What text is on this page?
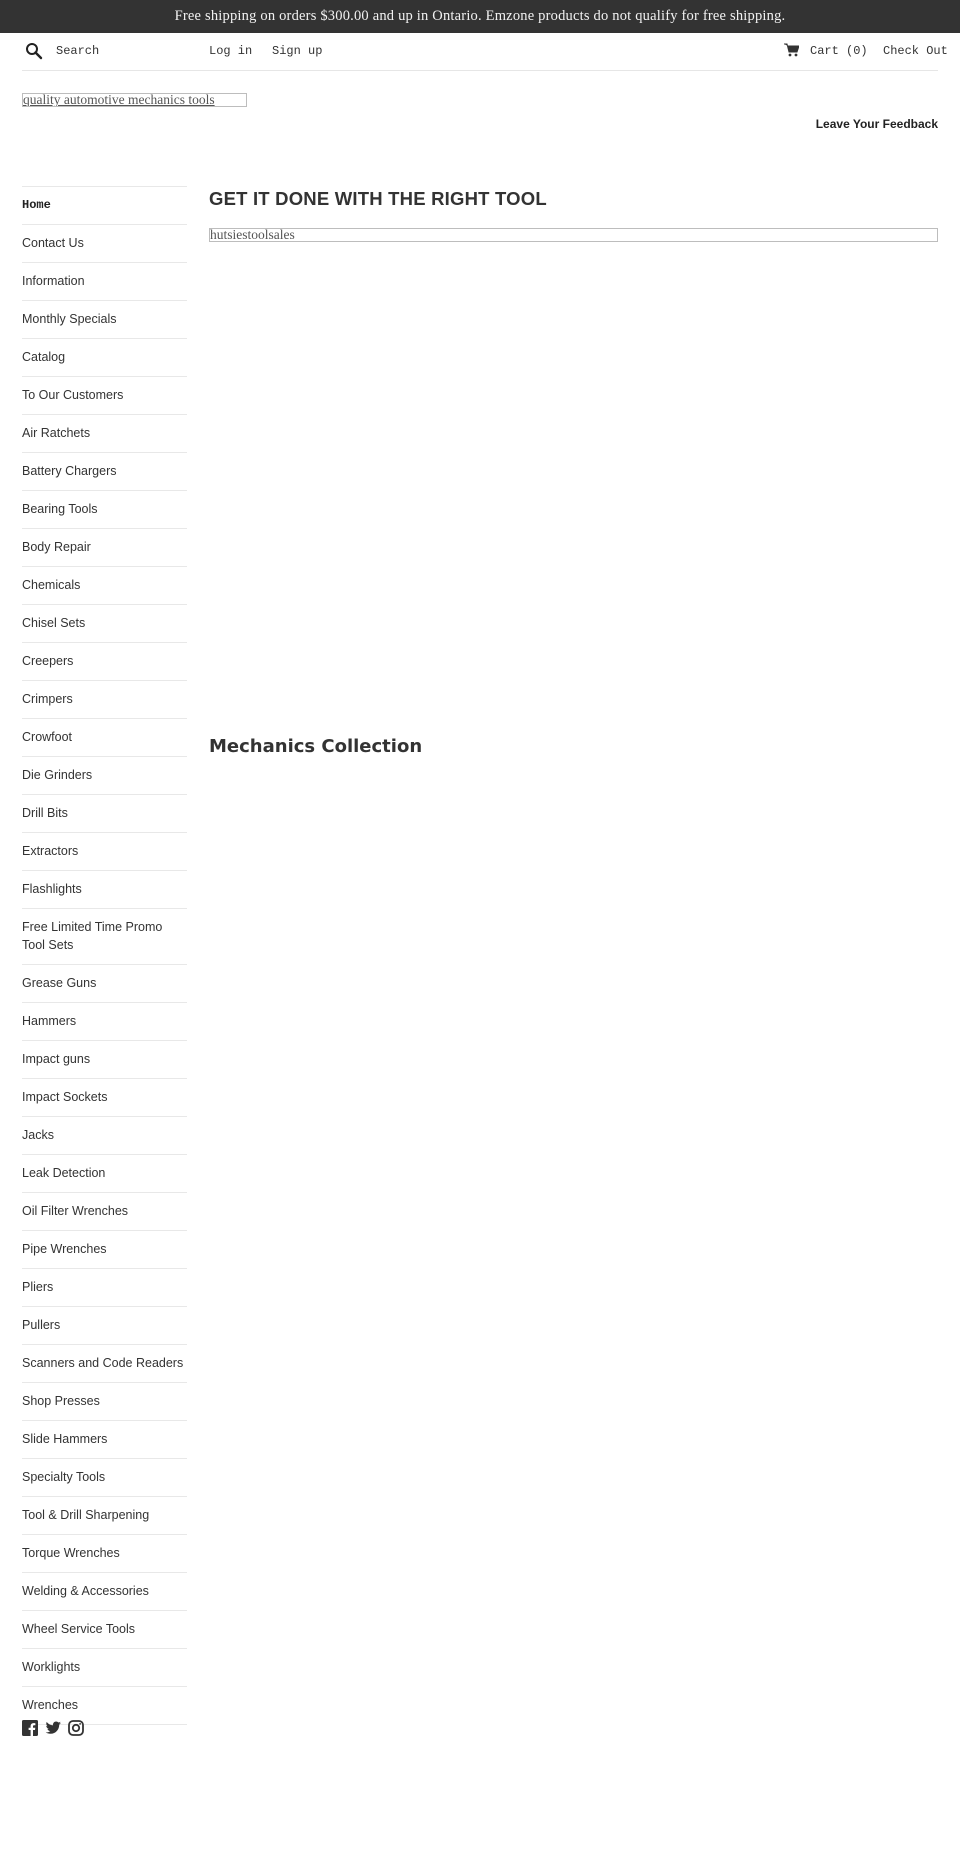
Free shipping on orders $300.00 and up in Ontario. Emzone products do not qualify for free shipping.
Search
Log in Sign up	Cart (0) Check Out
quality automotive mechanics tools
Leave Your Feedback
Home
Contact Us
Information
Monthly Specials
Catalog
To Our Customers
Air Ratchets
Battery Chargers
Bearing Tools
Body Repair
Chemicals
Chisel Sets
Creepers
Crimpers
Crowfoot
Die Grinders
Drill Bits
Extractors
Flashlights
Free Limited Time Promo Tool Sets
Grease Guns
Hammers
Impact guns
Impact Sockets
Jacks
Leak Detection
Oil Filter Wrenches
Pipe Wrenches
Pliers
Pullers
Scanners and Code Readers
Shop Presses
Slide Hammers
Specialty Tools
Tool & Drill Sharpening
Torque Wrenches
Welding & Accessories
Wheel Service Tools
Worklights
Wrenches
GET IT DONE WITH THE RIGHT TOOL
hutsiestoolsales
Mechanics Collection
